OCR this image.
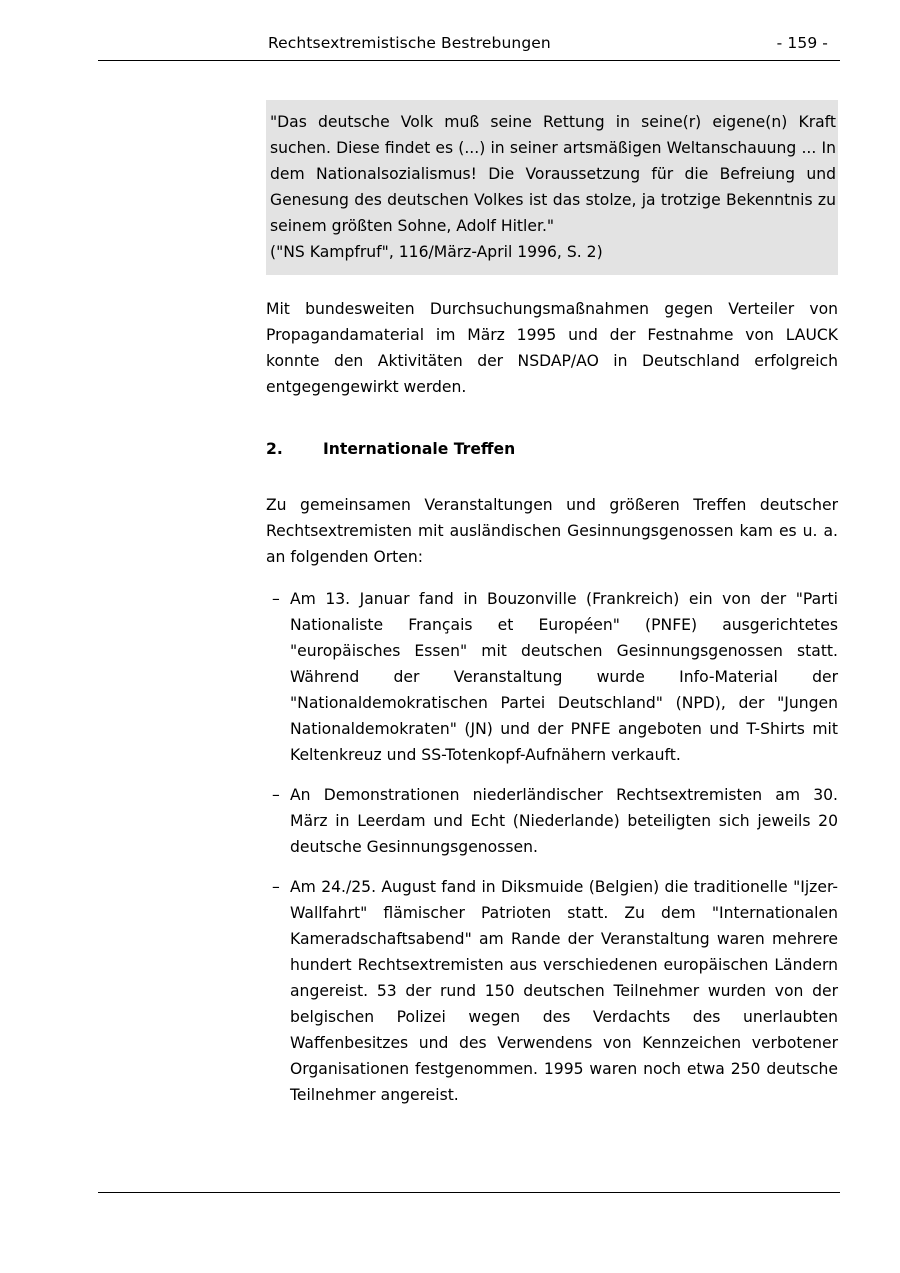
Rechtsextremistische Bestrebungen	- 159 -

"Das deutsche Volk muß seine Rettung in seine(r) eigene(n) Kraft suchen. Diese findet es (...) in seiner artsmäßigen Weltanschauung ... In dem Nationalsozialismus! Die Voraussetzung für die Befreiung und Genesung des deutschen Volkes ist das stolze, ja trotzige Bekenntnis zu seinem größten Sohne, Adolf Hitler."

("NS Kampfruf", 116/März-April 1996, S. 2)

Mit bundesweiten Durchsuchungsmaßnahmen gegen Verteiler von Propagandamaterial im März 1995 und der Festnahme von LAUCK konnte den Aktivitäten der NSDAP/AO in Deutschland erfolgreich entgegengewirkt werden.

2.	Internationale Treffen

Zu gemeinsamen Veranstaltungen und größeren Treffen deutscher Rechtsextremisten mit ausländischen Gesinnungsgenossen kam es u. a. an folgenden Orten:

– Am 13. Januar fand in Bouzonville (Frankreich) ein von der "Parti Nationaliste Français et Européen" (PNFE) ausgerichtetes "europäisches Essen" mit deutschen Gesinnungsgenossen statt. Während der Veranstaltung wurde Info-Material der "Nationaldemokratischen Partei Deutschland" (NPD), der "Jungen Nationaldemokraten" (JN) und der PNFE angeboten und T-Shirts mit Keltenkreuz und SS-Totenkopf-Aufnähern verkauft.
– An Demonstrationen niederländischer Rechtsextremisten am 30. März in Leerdam und Echt (Niederlande) beteiligten sich jeweils 20 deutsche Gesinnungsgenossen.
– Am 24./25. August fand in Diksmuide (Belgien) die traditionelle "Ijzer-Wallfahrt" flämischer Patrioten statt. Zu dem "Internationalen Kameradschaftsabend" am Rande der Veranstaltung waren mehrere hundert Rechtsextremisten aus verschiedenen europäischen Ländern angereist. 53 der rund 150 deutschen Teilnehmer wurden von der belgischen Polizei wegen des Verdachts des unerlaubten Waffenbesitzes und des Verwendens von Kennzeichen verbotener Organisationen festgenommen. 1995 waren noch etwa 250 deutsche Teilnehmer angereist.
